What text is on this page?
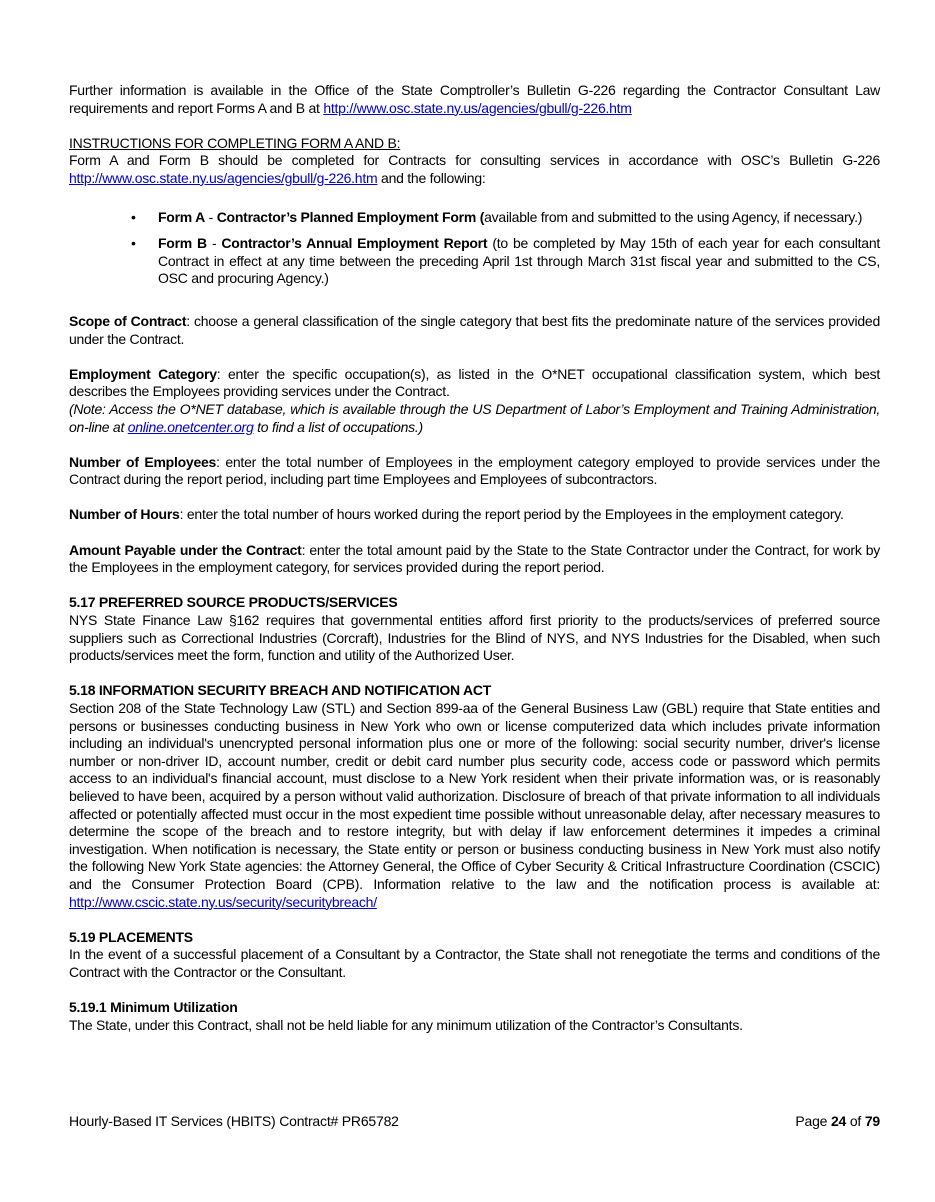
Further information is available in the Office of the State Comptroller’s Bulletin G-226 regarding the Contractor Consultant Law requirements and report Forms A and B at http://www.osc.state.ny.us/agencies/gbull/g-226.htm

INSTRUCTIONS FOR COMPLETING FORM A AND B:
Form A and Form B should be completed for Contracts for consulting services in accordance with OSC’s Bulletin G-226 http://www.osc.state.ny.us/agencies/gbull/g-226.htm and the following:

• Form A - Contractor’s Planned Employment Form (available from and submitted to the using Agency, if necessary.)
• Form B - Contractor’s Annual Employment Report (to be completed by May 15th of each year for each consultant Contract in effect at any time between the preceding April 1st through March 31st fiscal year and submitted to the CS, OSC and procuring Agency.)

Scope of Contract: choose a general classification of the single category that best fits the predominate nature of the services provided under the Contract.

Employment Category: enter the specific occupation(s), as listed in the O*NET occupational classification system, which best describes the Employees providing services under the Contract.
(Note: Access the O*NET database, which is available through the US Department of Labor’s Employment and Training Administration, on-line at online.onetcenter.org to find a list of occupations.)

Number of Employees: enter the total number of Employees in the employment category employed to provide services under the Contract during the report period, including part time Employees and Employees of subcontractors.

Number of Hours: enter the total number of hours worked during the report period by the Employees in the employment category.

Amount Payable under the Contract: enter the total amount paid by the State to the State Contractor under the Contract, for work by the Employees in the employment category, for services provided during the report period.

5.17 PREFERRED SOURCE PRODUCTS/SERVICES

NYS State Finance Law §162 requires that governmental entities afford first priority to the products/services of preferred source suppliers such as Correctional Industries (Corcraft), Industries for the Blind of NYS, and NYS Industries for the Disabled, when such products/services meet the form, function and utility of the Authorized User.

5.18 INFORMATION SECURITY BREACH AND NOTIFICATION ACT

Section 208 of the State Technology Law (STL) and Section 899-aa of the General Business Law (GBL) require that State entities and persons or businesses conducting business in New York who own or license computerized data which includes private information including an individual's unencrypted personal information plus one or more of the following: social security number, driver's license number or non-driver ID, account number, credit or debit card number plus security code, access code or password which permits access to an individual's financial account, must disclose to a New York resident when their private information was, or is reasonably believed to have been, acquired by a person without valid authorization. Disclosure of breach of that private information to all individuals affected or potentially affected must occur in the most expedient time possible without unreasonable delay, after necessary measures to determine the scope of the breach and to restore integrity, but with delay if law enforcement determines it impedes a criminal investigation. When notification is necessary, the State entity or person or business conducting business in New York must also notify the following New York State agencies: the Attorney General, the Office of Cyber Security & Critical Infrastructure Coordination (CSCIC) and the Consumer Protection Board (CPB). Information relative to the law and the notification process is available at: http://www.cscic.state.ny.us/security/securitybreach/

5.19 PLACEMENTS

In the event of a successful placement of a Consultant by a Contractor, the State shall not renegotiate the terms and conditions of the Contract with the Contractor or the Consultant.

5.19.1 Minimum Utilization

The State, under this Contract, shall not be held liable for any minimum utilization of the Contractor’s Consultants.

Hourly-Based IT Services (HBITS) Contract# PR65782	Page 24 of 79
